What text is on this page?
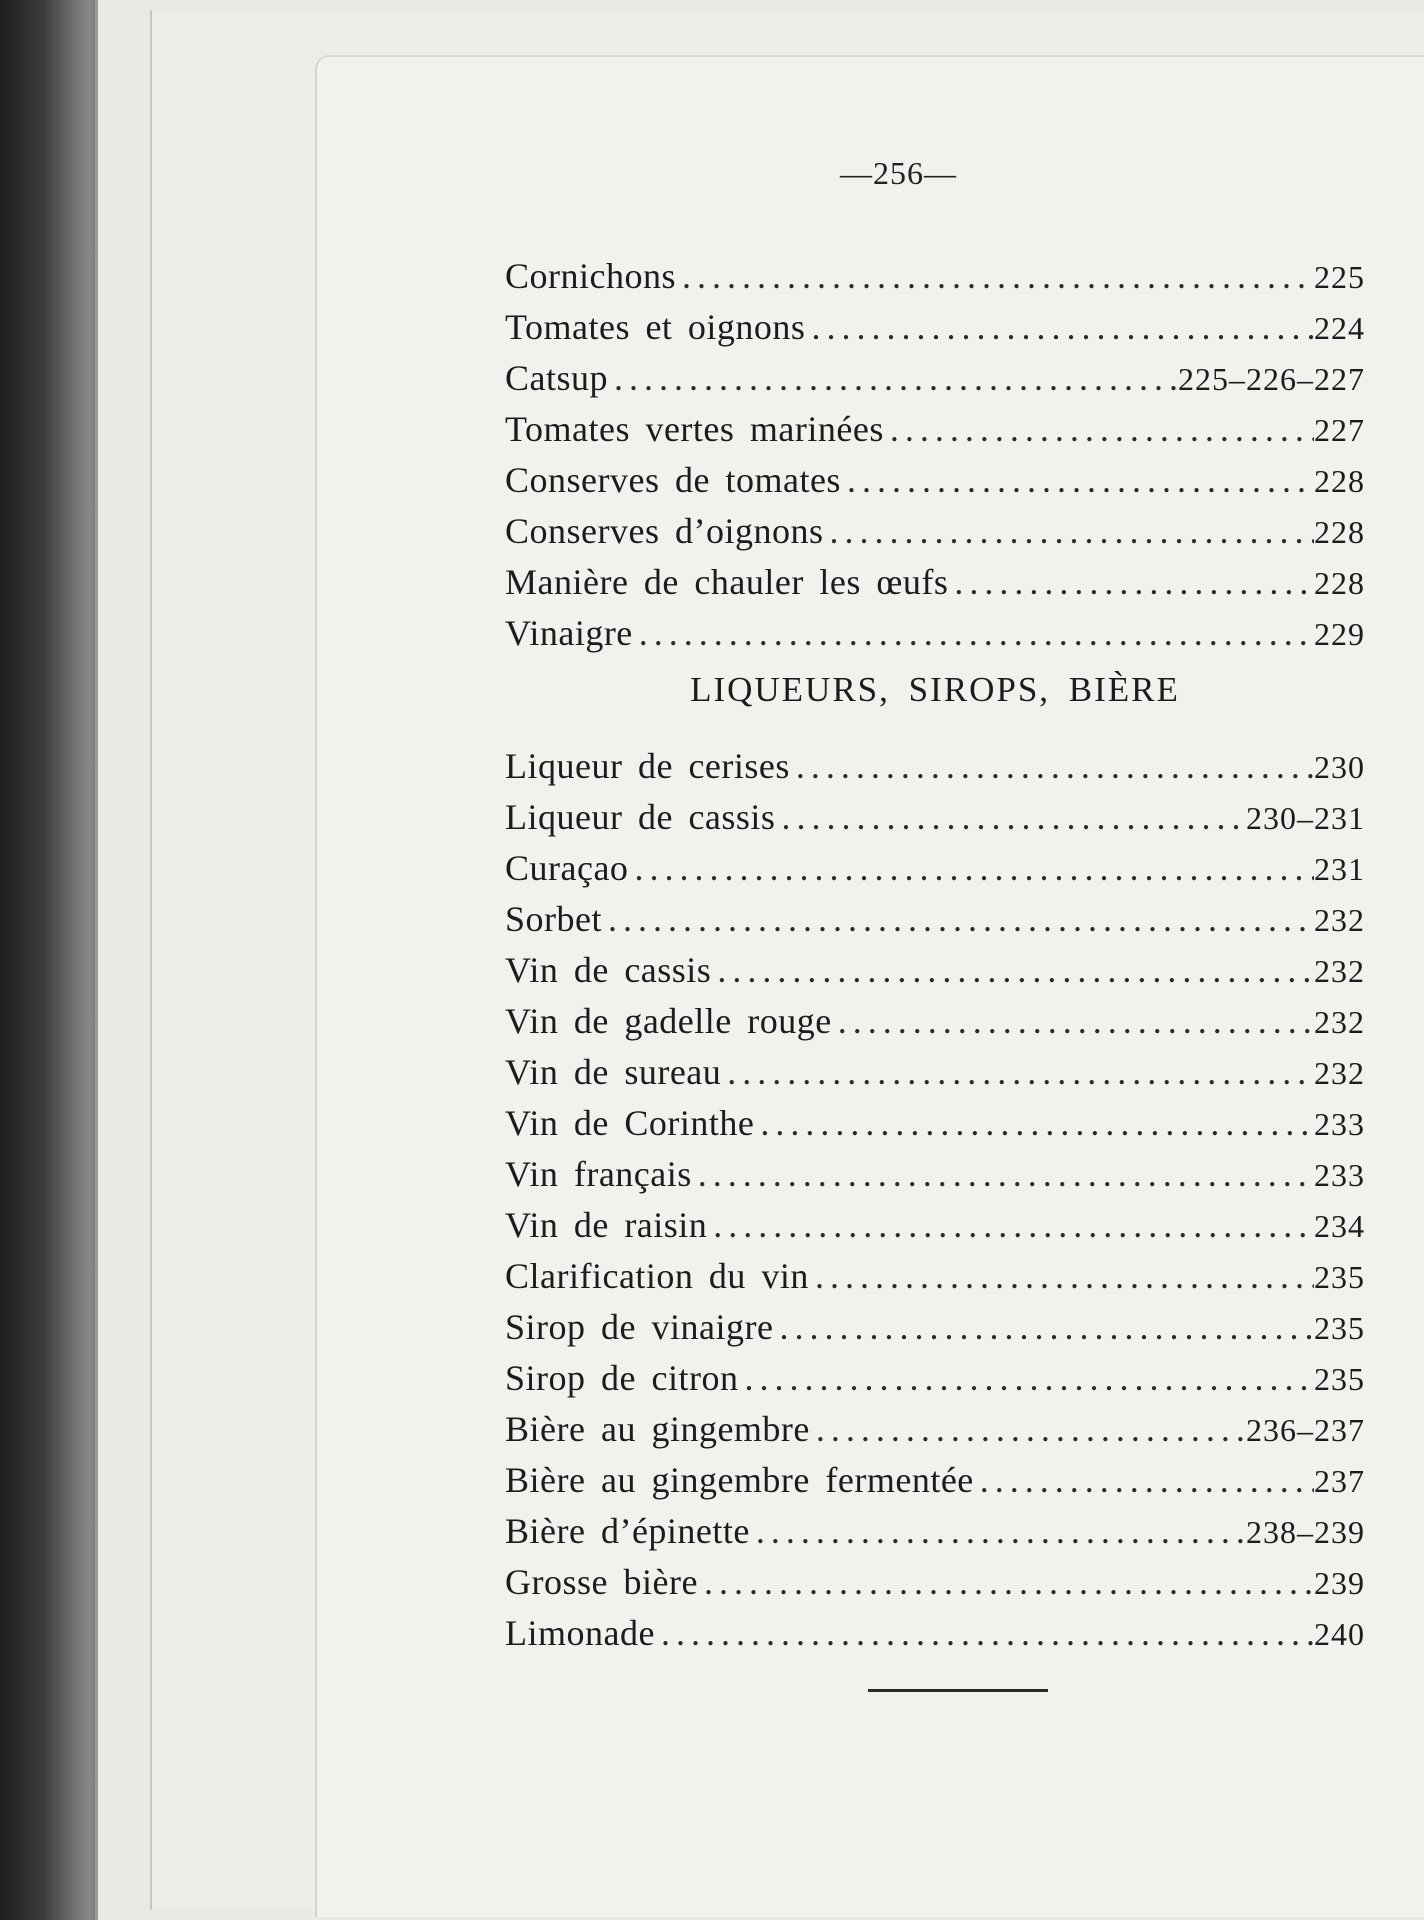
—256—
Cornichons .....	225
Tomates et oignons .....	224
Catsup .....	225–226–227
Tomates vertes marinées .....	227
Conserves de tomates .....	228
Conserves d’oignons .....	228
Manière de chauler les œufs .....	228
Vinaigre .....	229
LIQUEURS, SIROPS, BIÈRE
Liqueur de cerises .....	230
Liqueur de cassis .....	230–231
Curaçao .....	231
Sorbet .....	232
Vin de cassis .....	232
Vin de gadelle rouge .....	232
Vin de sureau .....	232
Vin de Corinthe .....	233
Vin français .....	233
Vin de raisin .....	234
Clarification du vin .....	235
Sirop de vinaigre .....	235
Sirop de citron .....	235
Bière au gingembre .....	236–237
Bière au gingembre fermentée .....	237
Bière d’épinette .....	238–239
Grosse bière .....	239
Limonade .....	240
